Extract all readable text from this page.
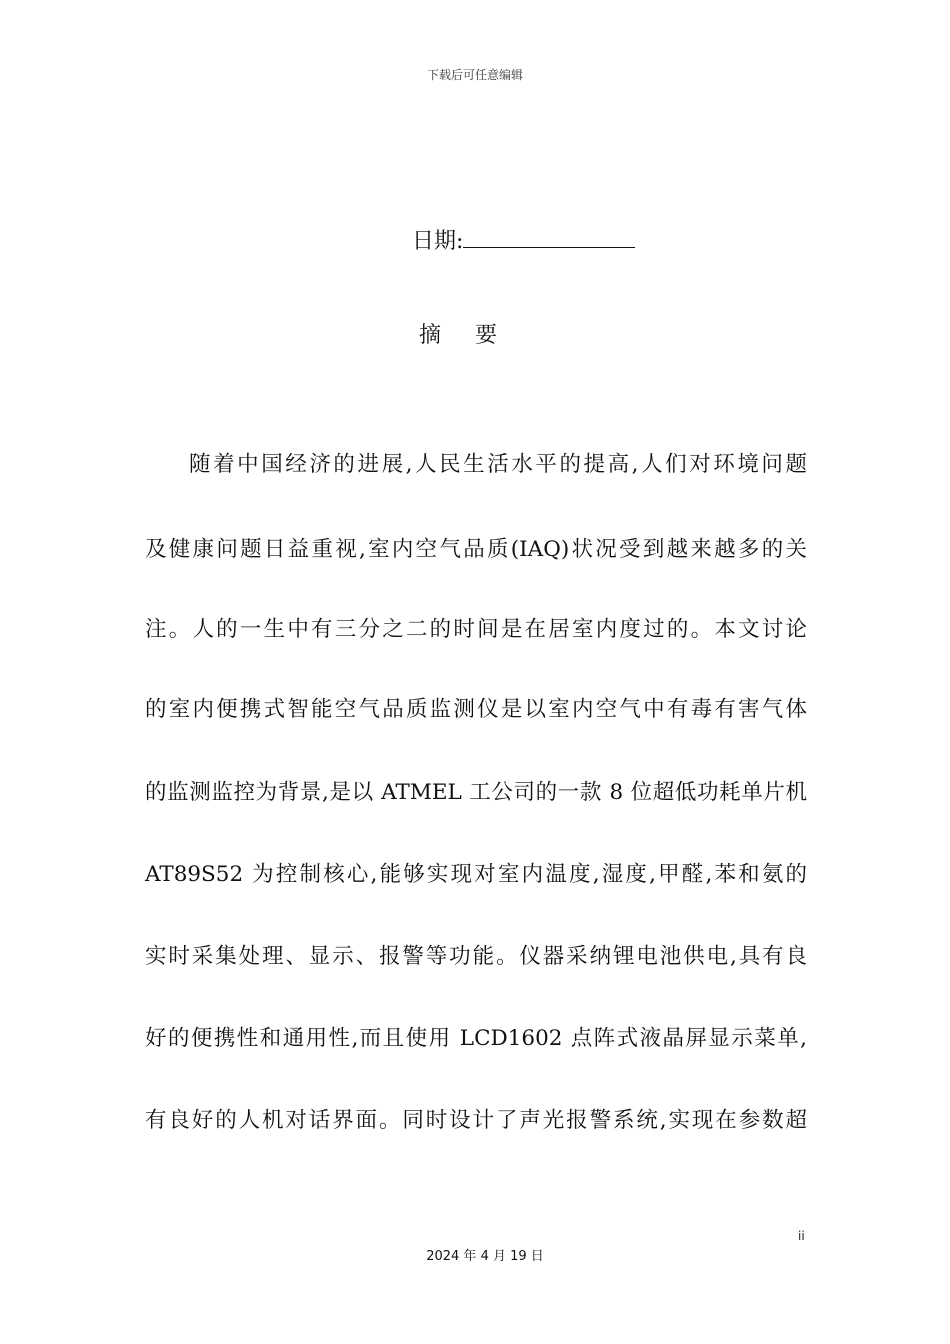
下载后可任意编辑
日期:
摘 要
随着中国经济的进展,人民生活水平的提高,人们对环境问题
及健康问题日益重视,室内空气品质(IAQ)状况受到越来越多的关
注。人的一生中有三分之二的时间是在居室内度过的。本文讨论
的室内便携式智能空气品质监测仪是以室内空气中有毒有害气体
的监测监控为背景,是以 ATMEL 工公司的一款 8 位超低功耗单片机
AT89S52 为控制核心,能够实现对室内温度,湿度,甲醛,苯和氨的
实时采集处理、显示、报警等功能。仪器采纳锂电池供电,具有良
好的便携性和通用性,而且使用 LCD1602 点阵式液晶屏显示菜单,
有良好的人机对话界面。同时设计了声光报警系统,实现在参数超
ii
2024 年 4 月 19 日
